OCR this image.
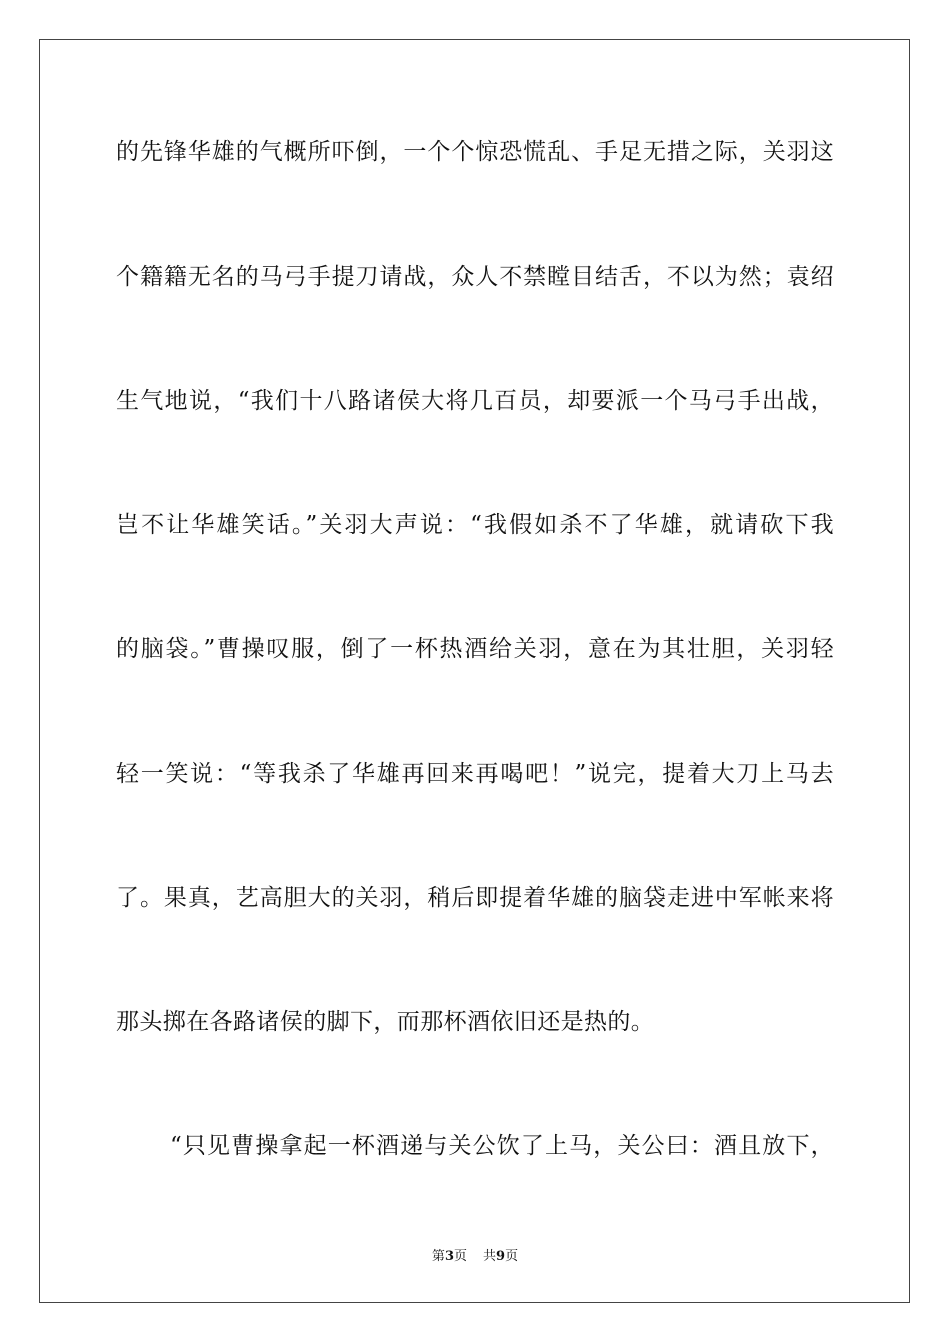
的先锋华雄的气概所吓倒，一个个惊恐慌乱、手足无措之际，关羽这
个籍籍无名的马弓手提刀请战，众人不禁瞠目结舌，不以为然；袁绍
生气地说，“我们十八路诸侯大将几百员，却要派一个马弓手出战，
岂不让华雄笑话。”关羽大声说：“我假如杀不了华雄，就请砍下我
的脑袋。”曹操叹服，倒了一杯热酒给关羽，意在为其壮胆，关羽轻
轻一笑说：“等我杀了华雄再回来再喝吧！”说完，提着大刀上马去
了。果真，艺高胆大的关羽，稍后即提着华雄的脑袋走进中军帐来将
那头掷在各路诸侯的脚下，而那杯酒依旧还是热的。
“只见曹操拿起一杯酒递与关公饮了上马，关公曰：酒且放下，
第3页 共9页
